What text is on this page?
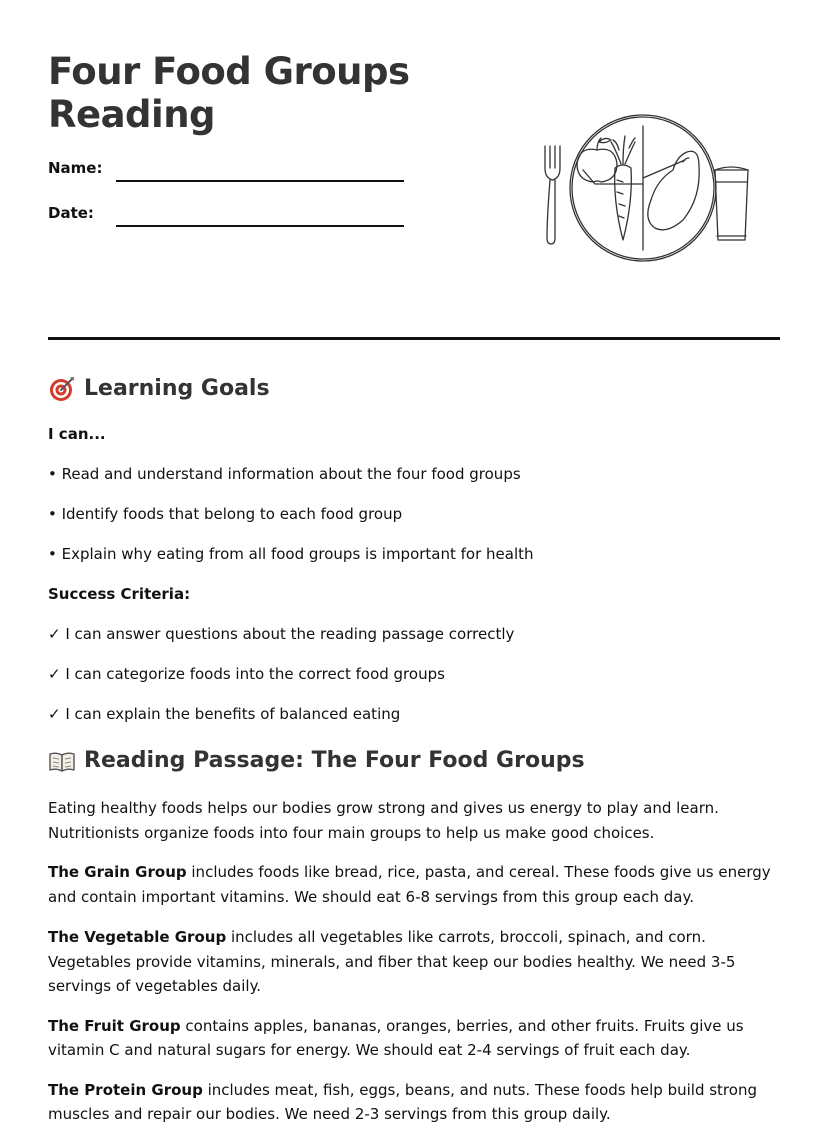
Four Food Groups
Reading
Name:
Date:
Learning Goals

I can...

• Read and understand information about the four food groups

• Identify foods that belong to each food group

• Explain why eating from all food groups is important for health

Success Criteria:

✓ I can answer questions about the reading passage correctly

✓ I can categorize foods into the correct food groups

✓ I can explain the benefits of balanced eating

Reading Passage: The Four Food Groups

Eating healthy foods helps our bodies grow strong and gives us energy to play and learn. Nutritionists organize foods into four main groups to help us make good choices.

The Grain Group includes foods like bread, rice, pasta, and cereal. These foods give us energy and contain important vitamins. We should eat 6-8 servings from this group each day.

The Vegetable Group includes all vegetables like carrots, broccoli, spinach, and corn. Vegetables provide vitamins, minerals, and fiber that keep our bodies healthy. We need 3-5 servings of vegetables daily.

The Fruit Group contains apples, bananas, oranges, berries, and other fruits. Fruits give us vitamin C and natural sugars for energy. We should eat 2-4 servings of fruit each day.

The Protein Group includes meat, fish, eggs, beans, and nuts. These foods help build strong muscles and repair our bodies. We need 2-3 servings from this group daily.
